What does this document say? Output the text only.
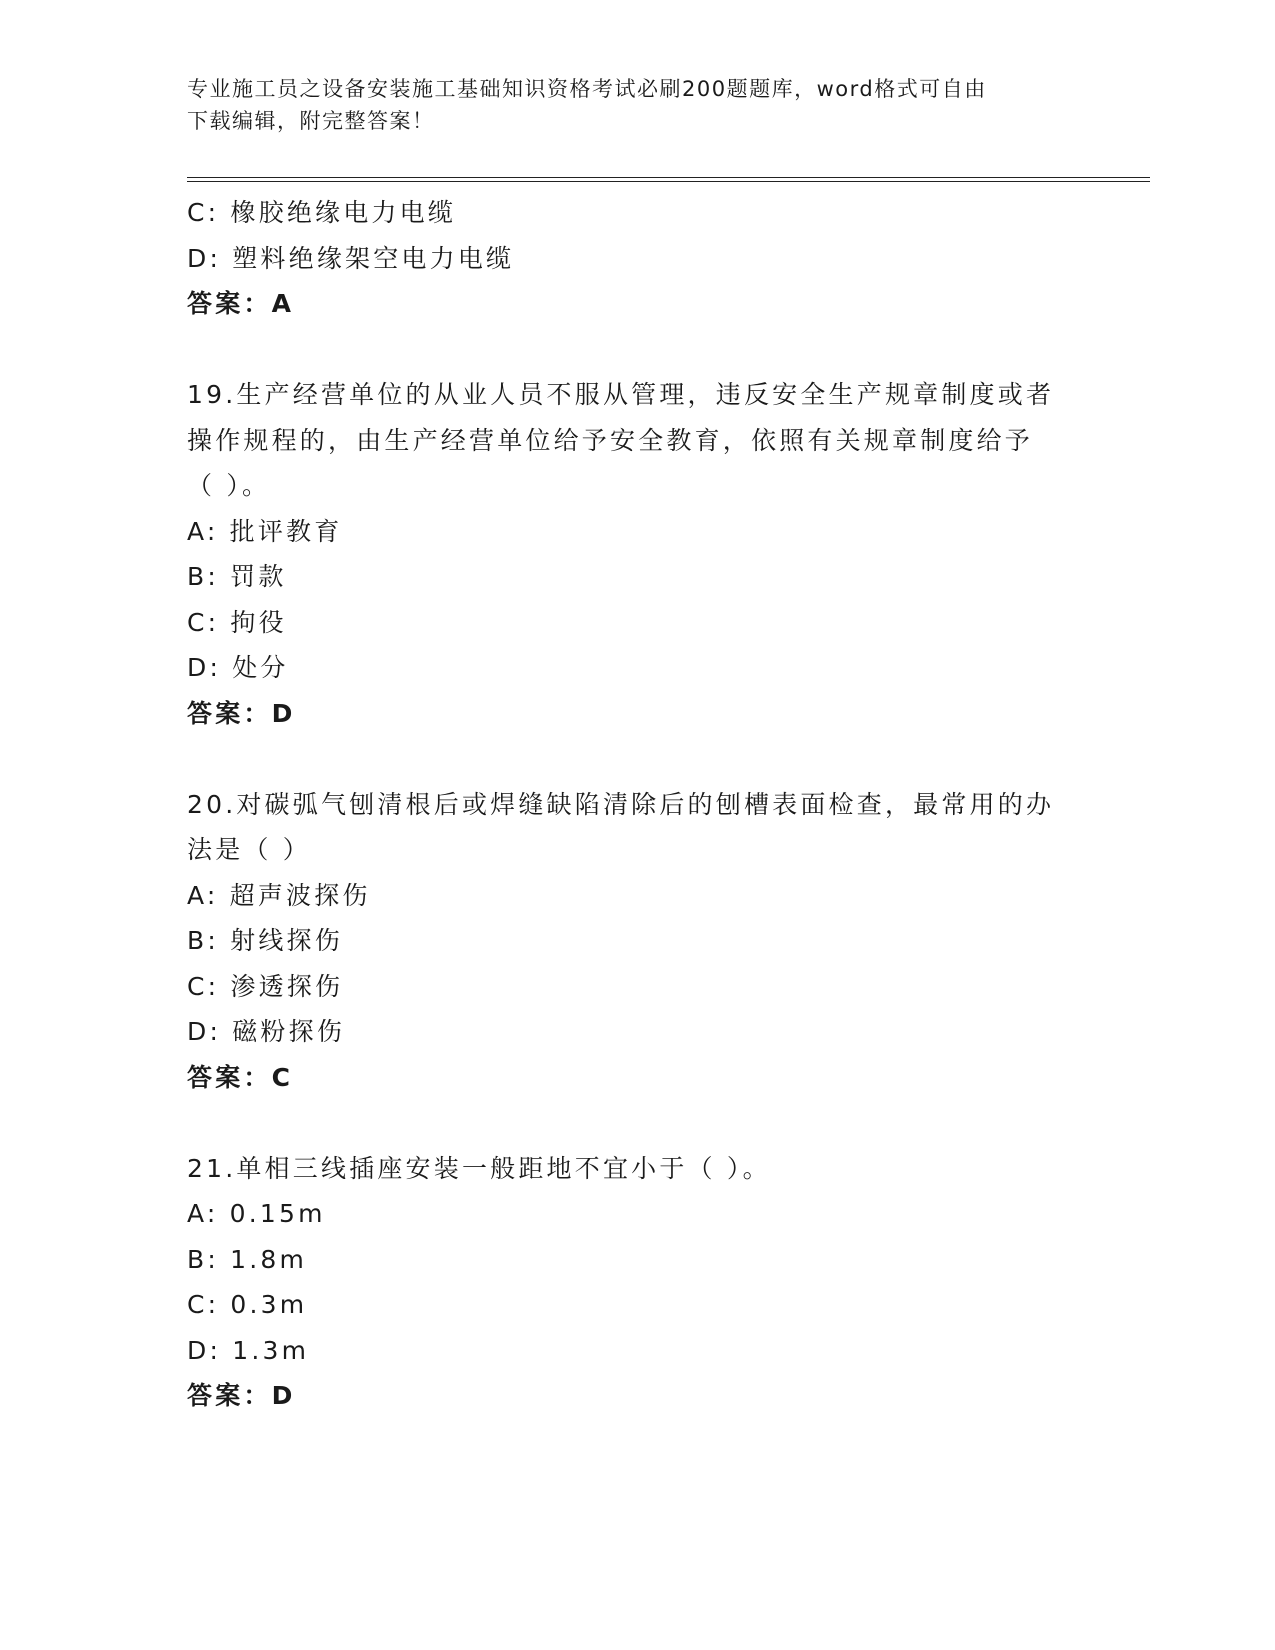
专业施工员之设备安装施工基础知识资格考试必刷200题题库，word格式可自由
下载编辑，附完整答案！
C: 橡胶绝缘电力电缆
D: 塑料绝缘架空电力电缆
答案：A
19.生产经营单位的从业人员不服从管理，违反安全生产规章制度或者
操作规程的，由生产经营单位给予安全教育，依照有关规章制度给予
（ ）。
A: 批评教育
B: 罚款
C: 拘役
D: 处分
答案：D
20.对碳弧气刨清根后或焊缝缺陷清除后的刨槽表面检查，最常用的办
法是（ ）
A: 超声波探伤
B: 射线探伤
C: 渗透探伤
D: 磁粉探伤
答案：C
21.单相三线插座安装一般距地不宜小于（ ）。
A: 0.15m
B: 1.8m
C: 0.3m
D: 1.3m
答案：D
